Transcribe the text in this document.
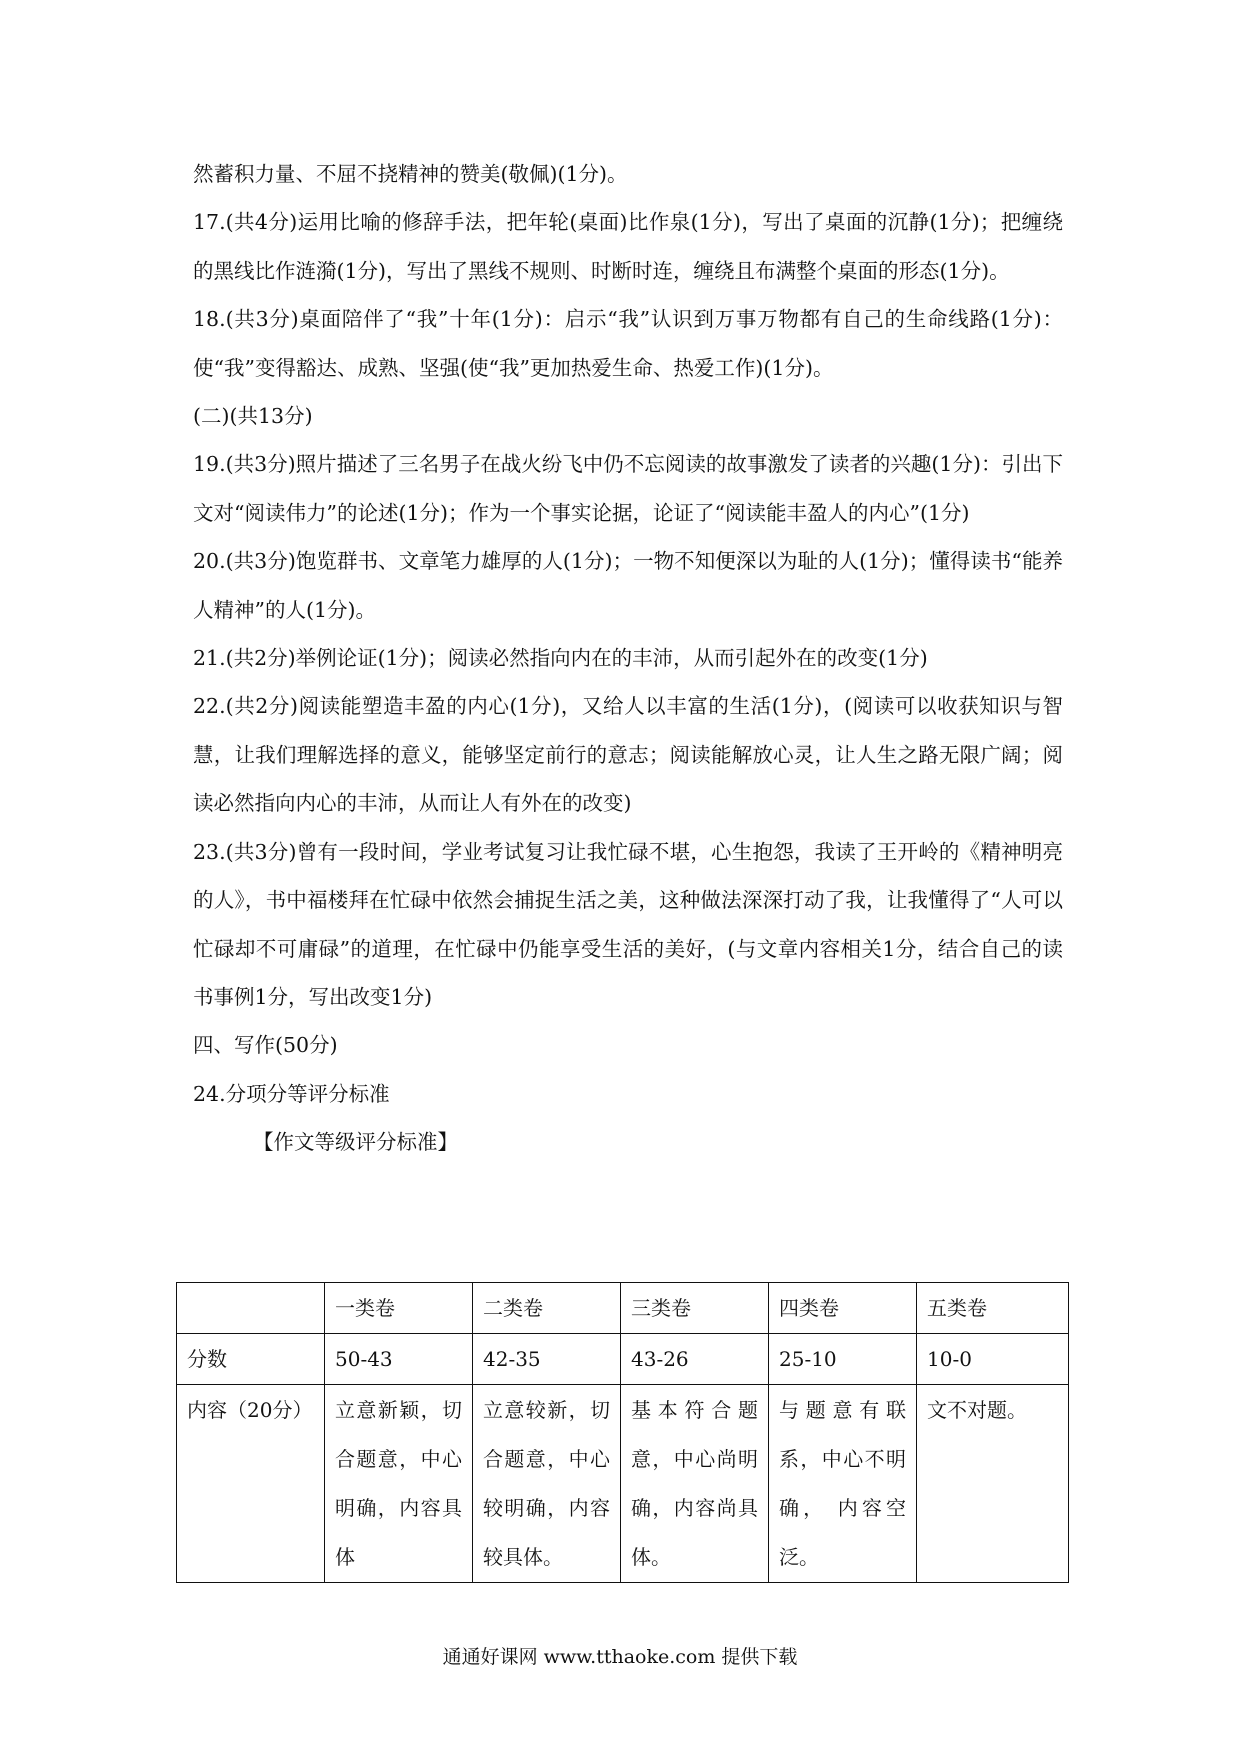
然蓄积力量、不屈不挠精神的赞美(敬佩)(1分)。

17.(共4分)运用比喻的修辞手法，把年轮(桌面)比作泉(1分)，写出了桌面的沉静(1分)；把缠绕的黑线比作涟漪(1分)，写出了黑线不规则、时断时连，缠绕且布满整个桌面的形态(1分)。

18.(共3分)桌面陪伴了“我”十年(1分)：启示“我”认识到万事万物都有自己的生命线路(1分)：使“我”变得豁达、成熟、坚强(使“我”更加热爱生命、热爱工作)(1分)。

(二)(共13分)

19.(共3分)照片描述了三名男子在战火纷飞中仍不忘阅读的故事激发了读者的兴趣(1分)：引出下文对“阅读伟力”的论述(1分)；作为一个事实论据，论证了“阅读能丰盈人的内心”(1分)

20.(共3分)饱览群书、文章笔力雄厚的人(1分)；一物不知便深以为耻的人(1分)；懂得读书“能养人精神”的人(1分)。

21.(共2分)举例论证(1分)；阅读必然指向内在的丰沛，从而引起外在的改变(1分)

22.(共2分)阅读能塑造丰盈的内心(1分)，又给人以丰富的生活(1分)，(阅读可以收获知识与智慧，让我们理解选择的意义，能够坚定前行的意志；阅读能解放心灵，让人生之路无限广阔；阅读必然指向内心的丰沛，从而让人有外在的改变)

23.(共3分)曾有一段时间，学业考试复习让我忙碌不堪，心生抱怨，我读了王开岭的《精神明亮的人》，书中福楼拜在忙碌中依然会捕捉生活之美，这种做法深深打动了我，让我懂得了“人可以忙碌却不可庸碌”的道理，在忙碌中仍能享受生活的美好，(与文章内容相关1分，结合自己的读书事例1分，写出改变1分)

四、写作(50分)

24.分项分等评分标准

【作文等级评分标准】

	一类卷	二类卷	三类卷	四类卷	五类卷
分数	50-43	42-35	43-26	25-10	10-0
内容（20分）	立意新颖，切合题意，中心明确，内容具体	立意较新，切合题意，中心较明确，内容较具体。	基本符合题意，中心尚明确，内容尚具体。	与题意有联系，中心不明确， 内容空泛。	文不对题。
通通好课网 www.tthaoke.com 提供下载
